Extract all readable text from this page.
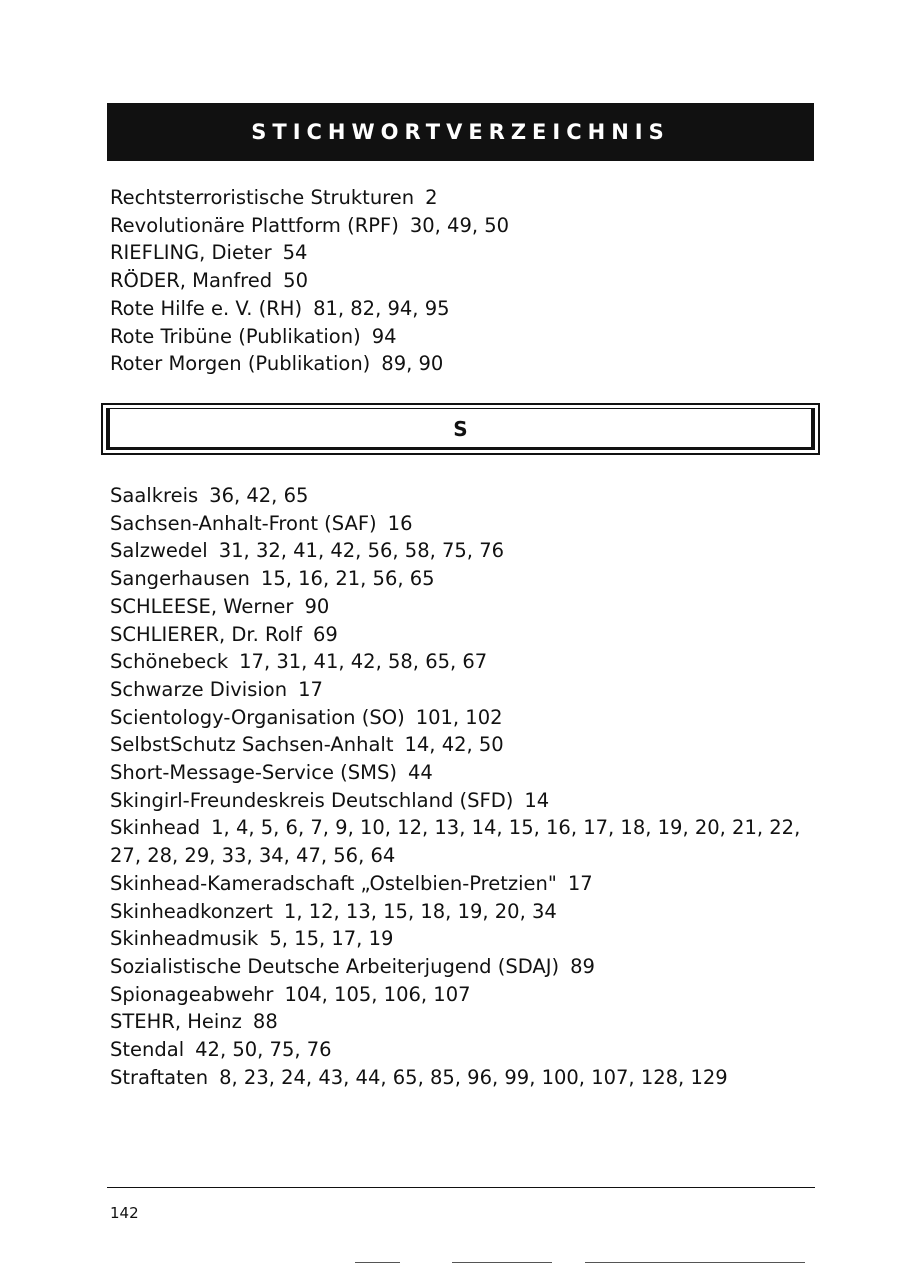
STICHWORTVERZEICHNIS
Rechtsterroristische Strukturen 2
Revolutionäre Plattform (RPF) 30, 49, 50
RIEFLING, Dieter 54
RÖDER, Manfred 50
Rote Hilfe e. V. (RH) 81, 82, 94, 95
Rote Tribüne (Publikation) 94
Roter Morgen (Publikation) 89, 90
S
Saalkreis 36, 42, 65
Sachsen-Anhalt-Front (SAF) 16
Salzwedel 31, 32, 41, 42, 56, 58, 75, 76
Sangerhausen 15, 16, 21, 56, 65
SCHLEESE, Werner 90
SCHLIERER, Dr. Rolf 69
Schönebeck 17, 31, 41, 42, 58, 65, 67
Schwarze Division 17
Scientology-Organisation (SO) 101, 102
SelbstSchutz Sachsen-Anhalt 14, 42, 50
Short-Message-Service (SMS) 44
Skingirl-Freundeskreis Deutschland (SFD) 14
Skinhead 1, 4, 5, 6, 7, 9, 10, 12, 13, 14, 15, 16, 17, 18, 19, 20, 21, 22, 27, 28, 29, 33, 34, 47, 56, 64
Skinhead-Kameradschaft „Ostelbien-Pretzien" 17
Skinheadkonzert 1, 12, 13, 15, 18, 19, 20, 34
Skinheadmusik 5, 15, 17, 19
Sozialistische Deutsche Arbeiterjugend (SDAJ) 89
Spionageabwehr 104, 105, 106, 107
STEHR, Heinz 88
Stendal 42, 50, 75, 76
Straftaten 8, 23, 24, 43, 44, 65, 85, 96, 99, 100, 107, 128, 129
142
